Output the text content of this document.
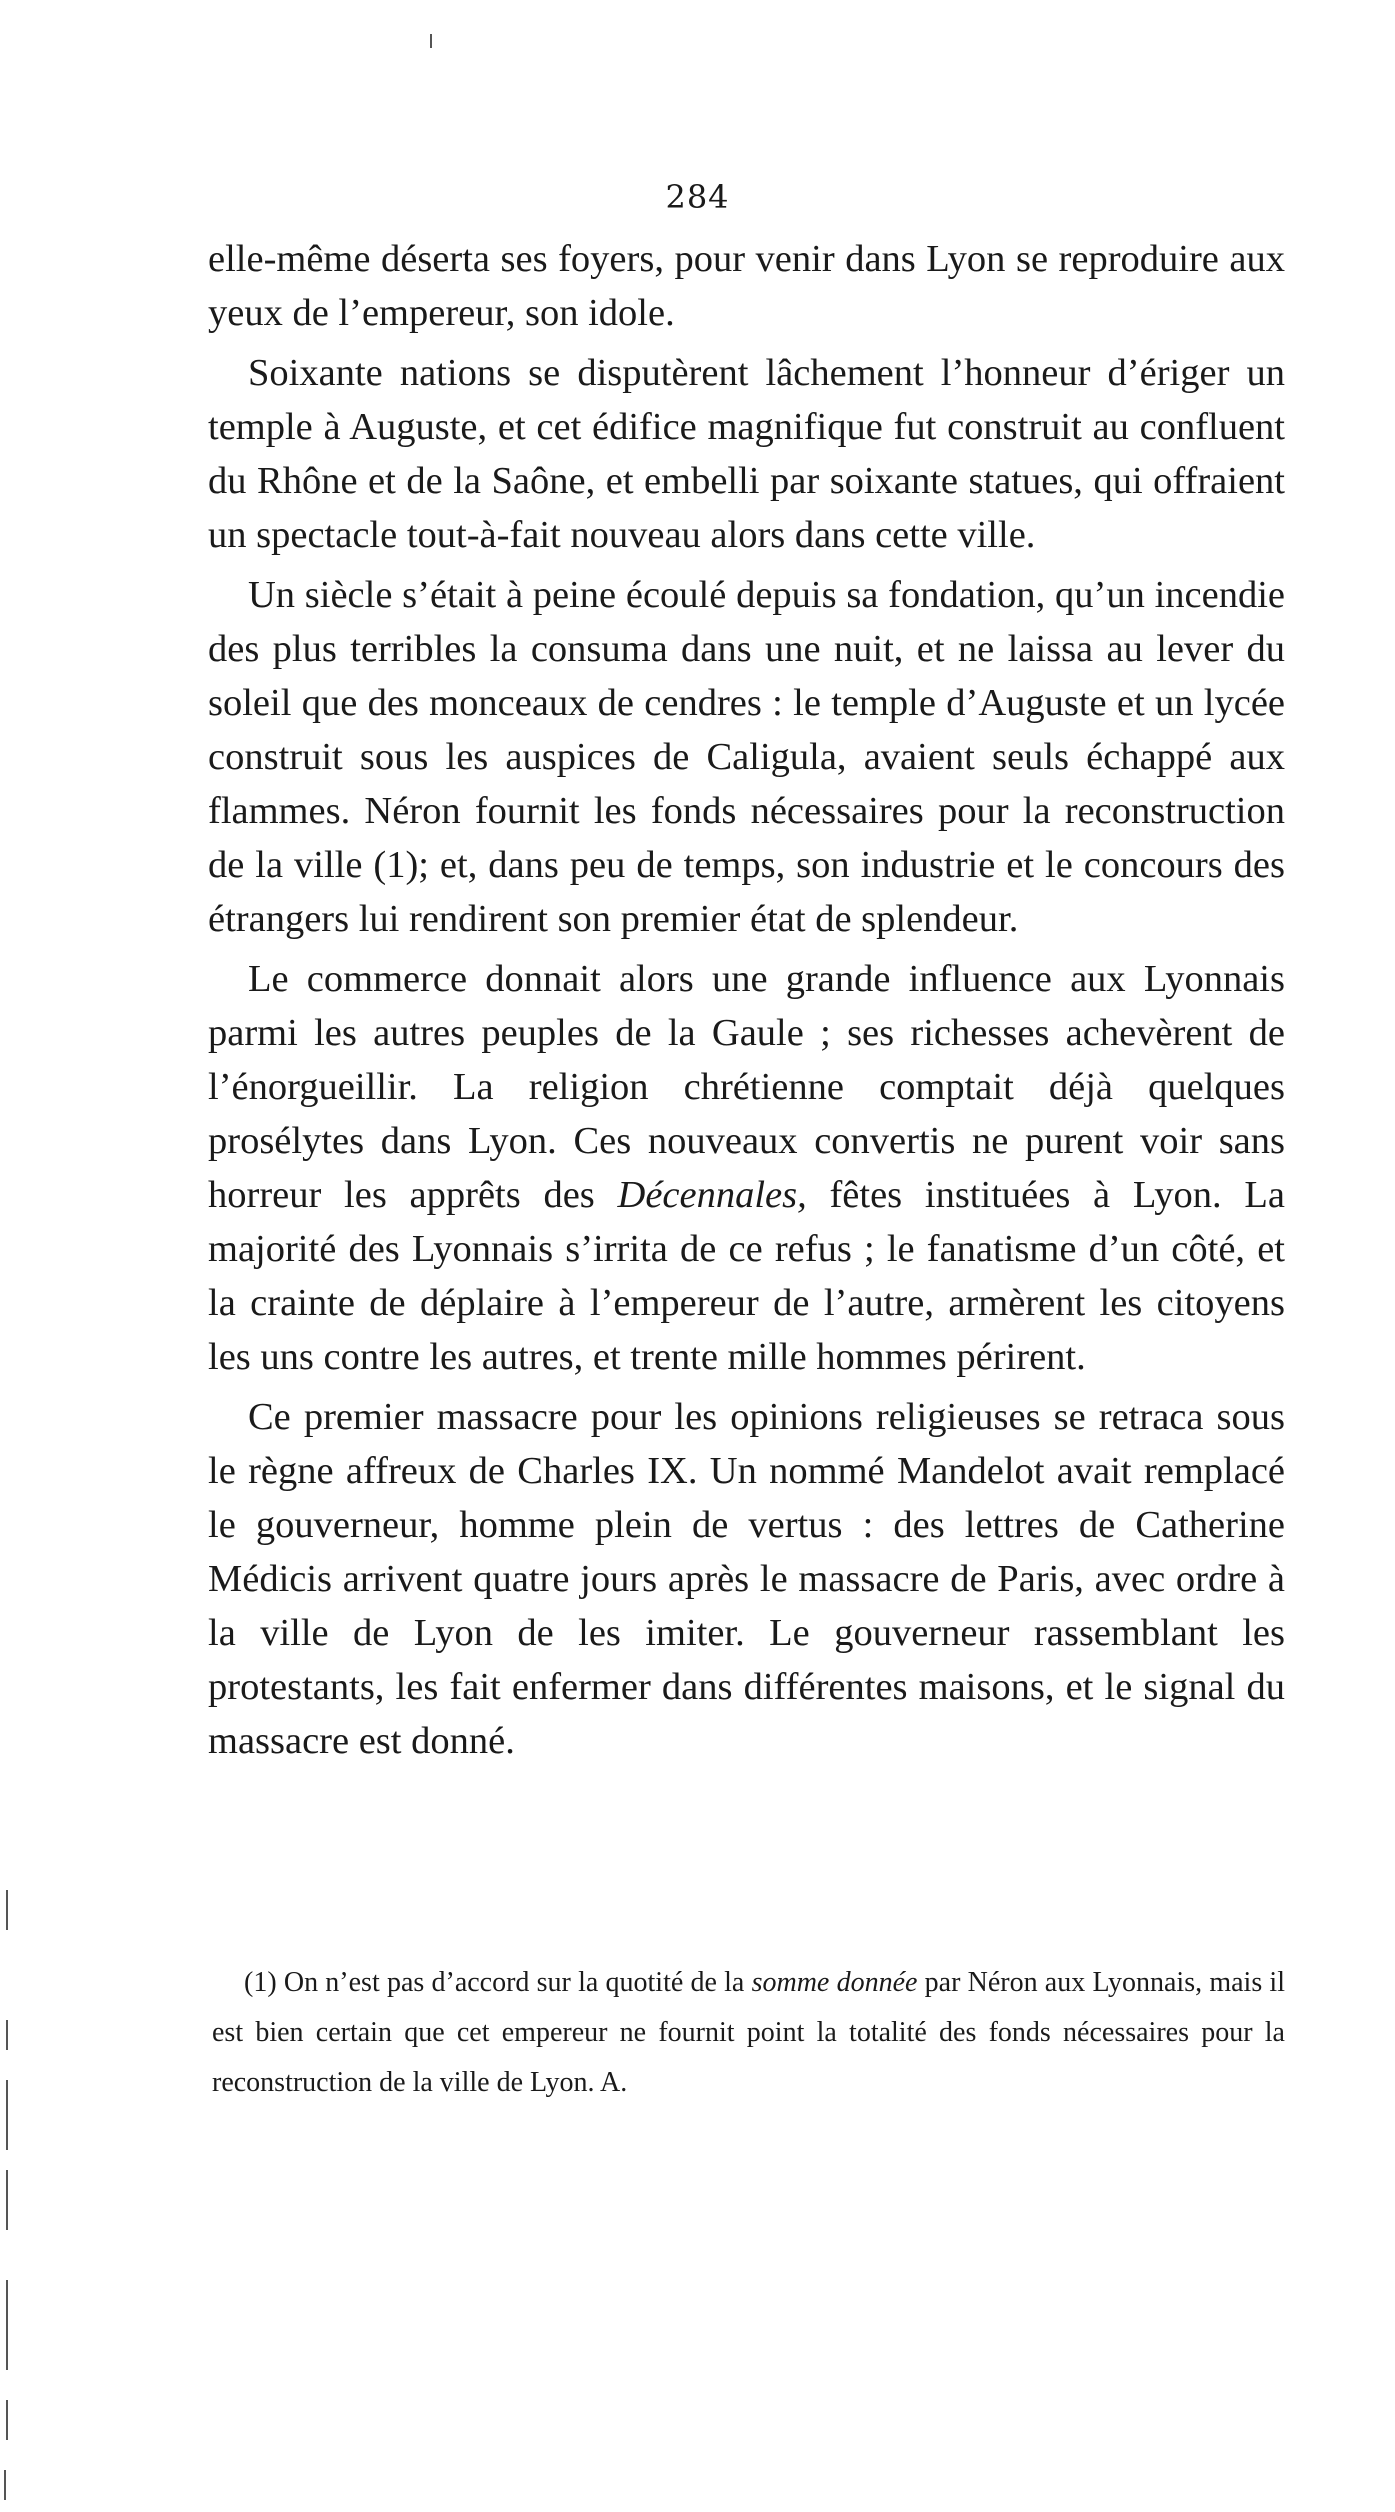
284

elle-même déserta ses foyers, pour venir dans Lyon se reproduire aux yeux de l’empereur, son idole.

Soixante nations se disputèrent lâchement l’honneur d’ériger un temple à Auguste, et cet édifice magnifique fut construit au confluent du Rhône et de la Saône, et embelli par soixante statues, qui offraient un spectacle tout-à-fait nouveau alors dans cette ville.

Un siècle s’était à peine écoulé depuis sa fondation, qu’un incendie des plus terribles la consuma dans une nuit, et ne laissa au lever du soleil que des monceaux de cendres : le temple d’Auguste et un lycée construit sous les auspices de Caligula, avaient seuls échappé aux flammes. Néron fournit les fonds nécessaires pour la reconstruction de la ville (1); et, dans peu de temps, son industrie et le concours des étrangers lui rendirent son premier état de splendeur.

Le commerce donnait alors une grande influence aux Lyonnais parmi les autres peuples de la Gaule ; ses richesses achevèrent de l’énorgueillir. La religion chrétienne comptait déjà quelques prosélytes dans Lyon. Ces nouveaux convertis ne purent voir sans horreur les apprêts des Décennales, fêtes instituées à Lyon. La majorité des Lyonnais s’irrita de ce refus ; le fanatisme d’un côté, et la crainte de déplaire à l’empereur de l’autre, armèrent les citoyens les uns contre les autres, et trente mille hommes périrent.

Ce premier massacre pour les opinions religieuses se retraca sous le règne affreux de Charles IX. Un nommé Mandelot avait remplacé le gouverneur, homme plein de vertus : des lettres de Catherine Médicis arrivent quatre jours après le massacre de Paris, avec ordre à la ville de Lyon de les imiter. Le gouverneur rassemblant les protestants, les fait enfermer dans différentes maisons, et le signal du massacre est donné.

(1) On n’est pas d’accord sur la quotité de la somme donnée par Néron aux Lyonnais, mais il est bien certain que cet empereur ne fournit point la totalité des fonds nécessaires pour la reconstruction de la ville de Lyon. A.
